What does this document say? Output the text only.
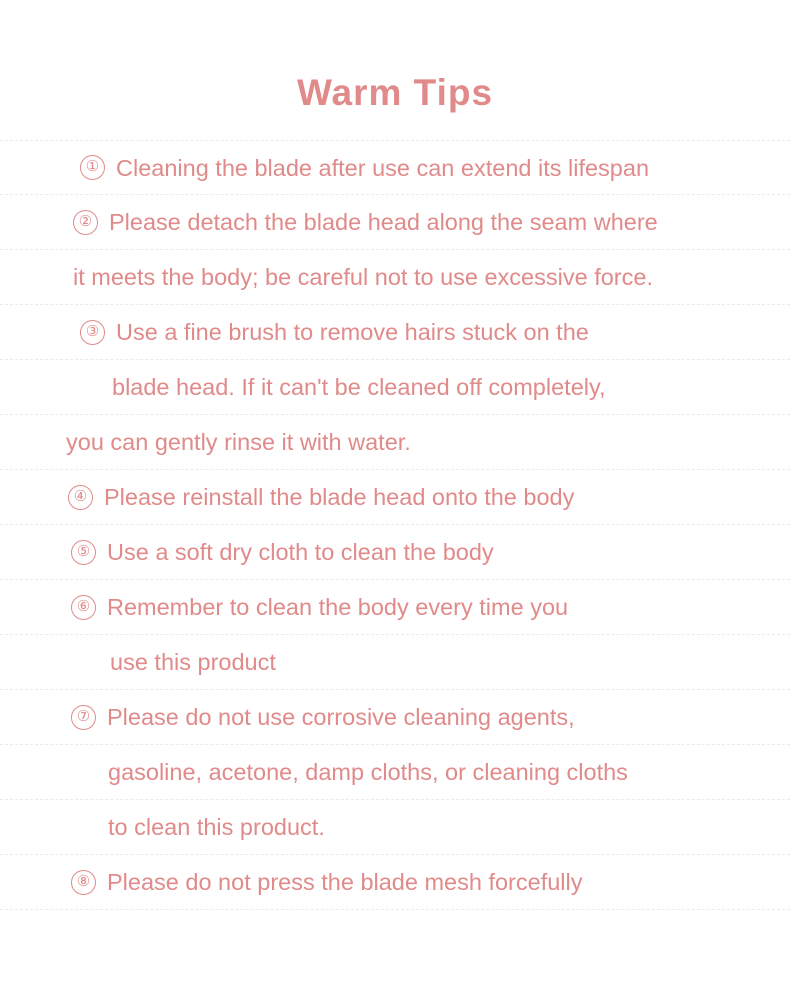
Warm Tips
① Cleaning the blade after use can extend its lifespan
② Please detach the blade head along the seam where
it meets the body; be careful not to use excessive force.
③ Use a fine brush to remove hairs stuck on the
blade head. If it can't be cleaned off completely,
you can gently rinse it with water.
④ Please reinstall the blade head onto the body
⑤ Use a soft dry cloth to clean the body
⑥ Remember to clean the body every time you
use this product
⑦ Please do not use corrosive cleaning agents,
gasoline, acetone, damp cloths, or cleaning cloths
to clean this product.
⑧ Please do not press the blade mesh forcefully
